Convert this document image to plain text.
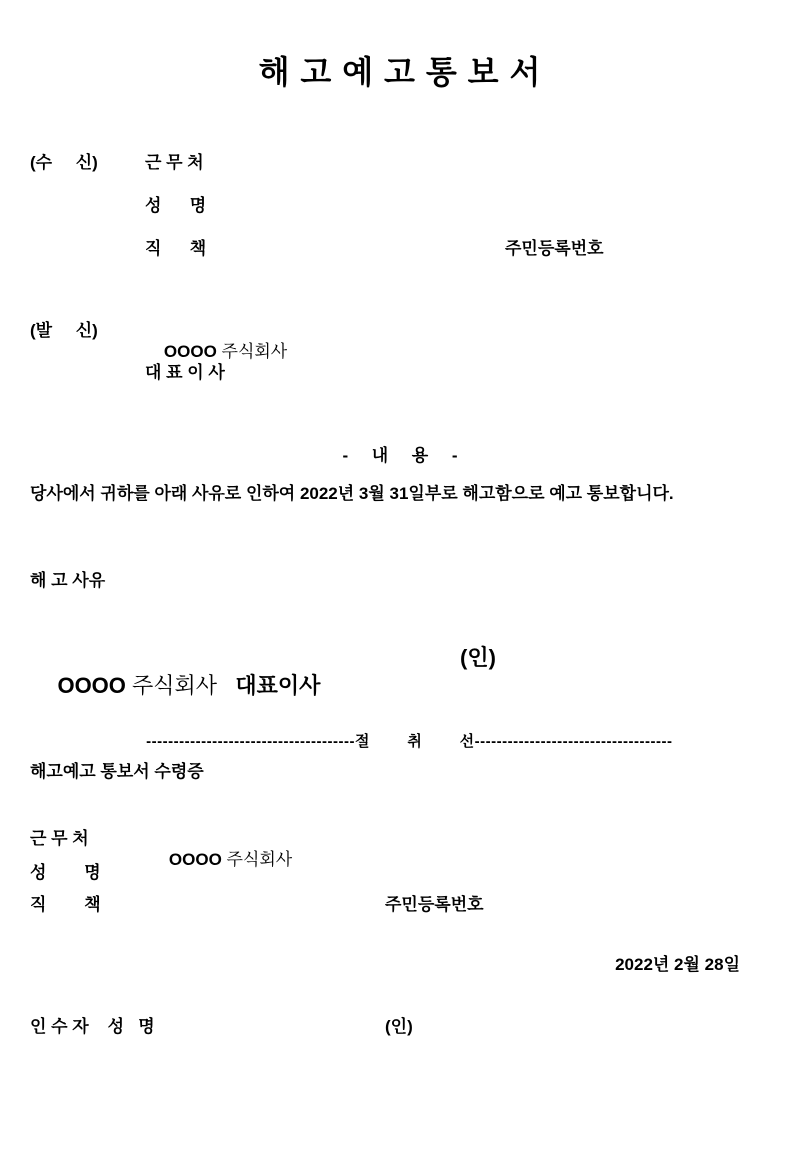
해 고 예 고 통 보 서
(수     신)	근 무 처
성      명
직      책	주민등록번호
(발     신)

OOOO 주식회사

대 표 이 사
-     내     용     -
당사에서 귀하를 아래 사유로 인하여 2022년 3월 31일부로 해고함으로 예고 통보합니다.
해 고 사유

OOOO 주식회사   대표이사

(인)

--------------------------------------절        취        선------------------------------------

해고예고 통보서 수령증
근 무 처

OOOO 주식회사

성        명
직        책	주민등록번호
2022년 2월 28일
인 수 자    성   명	(인)
